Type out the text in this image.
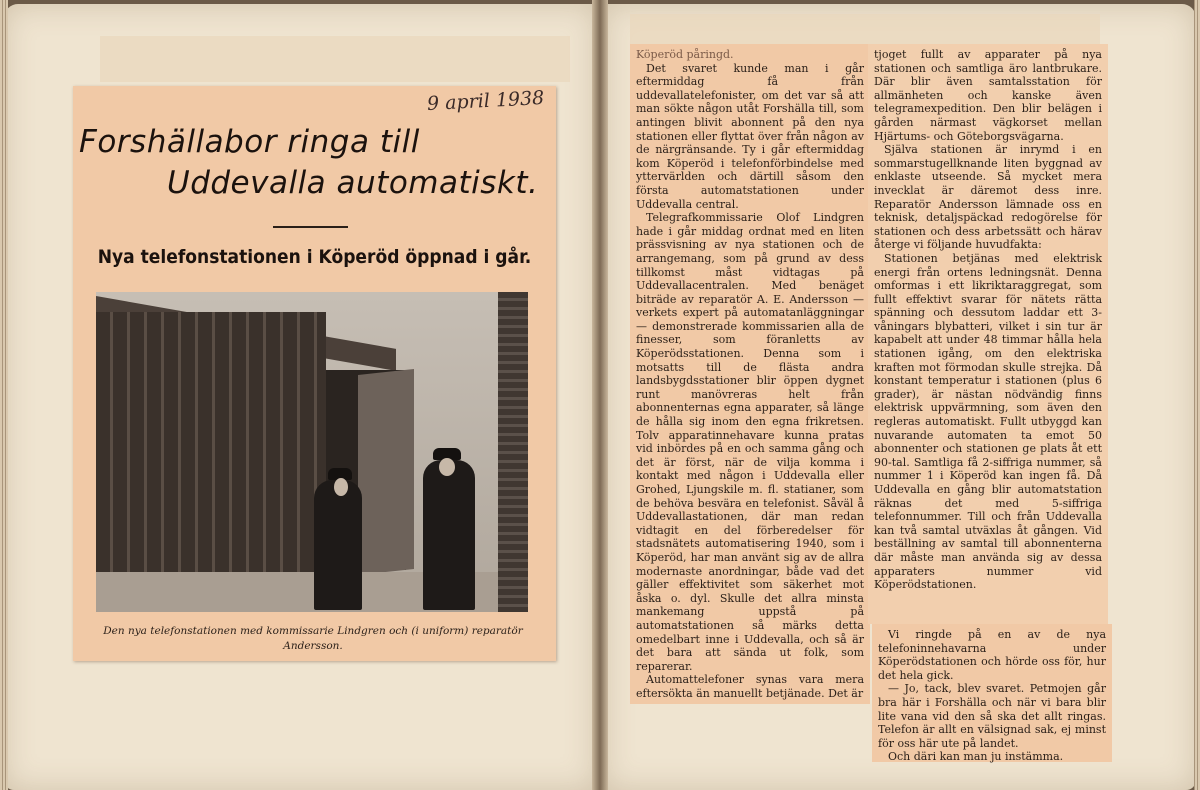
9 april 1938
Forshällabor ringa till
Uddevalla automatiskt.
Nya telefonstationen i Köperöd öppnad i går.
Den nya telefonstationen med kommissarie Lindgren och (i uniform) reparatör Andersson.

Köperöd påringd.

Det svaret kunde man i går eftermiddag få från uddevallatelefonister, om det var så att man sökte någon utåt Forshälla till, som antingen blivit abonnent på den nya stationen eller flyttat över från någon av de närgränsande. Ty i går eftermiddag kom Köperöd i telefonförbindelse med yttervärlden och därtill såsom den första automatstationen under Uddevalla central.

Telegrafkommissarie Olof Lindgren hade i går middag ordnat med en liten prässvisning av nya stationen och de arrangemang, som på grund av dess tillkomst måst vidtagas på Uddevallacentralen. Med benäget biträde av reparatör A. E. Andersson — verkets expert på automatanläggningar — demonstrerade kommissarien alla de finesser, som föranletts av Köperödsstationen. Denna som i motsatts till de flästa andra landsbygdsstationer blir öppen dygnet runt manövreras helt från abonnenternas egna apparater, så länge de hålla sig inom den egna frikretsen. Tolv apparatinnehavare kunna pratas vid inbördes på en och samma gång och det är först, när de vilja komma i kontakt med någon i Uddevalla eller Grohed, Ljungskile m. fl. statianer, som de behöva besvära en telefonist. Såväl å Uddevallastationen, där man redan vidtagit en del förberedelser för stadsnätets automatisering 1940, som i Köperöd, har man använt sig av de allra modernaste anordningar, både vad det gäller effektivitet som säkerhet mot åska o. dyl. Skulle det allra minsta mankemang uppstå på automatstationen så märks detta omedelbart inne i Uddevalla, och så är det bara att sända ut folk, som reparerar.

Automattelefoner synas vara mera eftersökta än manuellt betjänade. Det är

tjoget fullt av apparater på nya stationen och samtliga äro lantbrukare. Där blir även samtalsstation för allmänheten och kanske även telegramexpedition. Den blir belägen i gården närmast vägkorset mellan Hjärtums- och Göteborgsvägarna.

Själva stationen är inrymd i en sommarstugellknande liten byggnad av enklaste utseende. Så mycket mera invecklat är däremot dess inre. Reparatör Andersson lämnade oss en teknisk, detaljspäckad redogörelse för stationen och dess arbetssätt och härav återge vi följande huvudfakta:

Stationen betjänas med elektrisk energi från ortens ledningsnät. Denna omformas i ett likriktaraggregat, som fullt effektivt svarar för nätets rätta spänning och dessutom laddar ett 3-våningars blybatteri, vilket i sin tur är kapabelt att under 48 timmar hålla hela stationen igång, om den elektriska kraften mot förmodan skulle strejka. Då konstant temperatur i stationen (plus 6 grader), är nästan nödvändig finns elektrisk uppvärmning, som även den regleras automatiskt. Fullt utbyggd kan nuvarande automaten ta emot 50 abonnenter och stationen ge plats åt ett 90-tal. Samtliga få 2-siffriga nummer, så nummer 1 i Köperöd kan ingen få. Då Uddevalla en gång blir automatstation räknas det med 5-siffriga telefonnummer. Till och från Uddevalla kan två samtal utväxlas åt gången. Vid beställning av samtal till abonnenterna där måste man använda sig av dessa apparaters nummer vid Köperödstationen.

Vi ringde på en av de nya telefoninnehavarna under Köperödstationen och hörde oss för, hur det hela gick.

— Jo, tack, blev svaret. Petmojen går bra här i Forshälla och när vi bara blir lite vana vid den så ska det allt ringas. Telefon är allt en välsignad sak, ej minst för oss här ute på landet.

Och däri kan man ju instämma.
